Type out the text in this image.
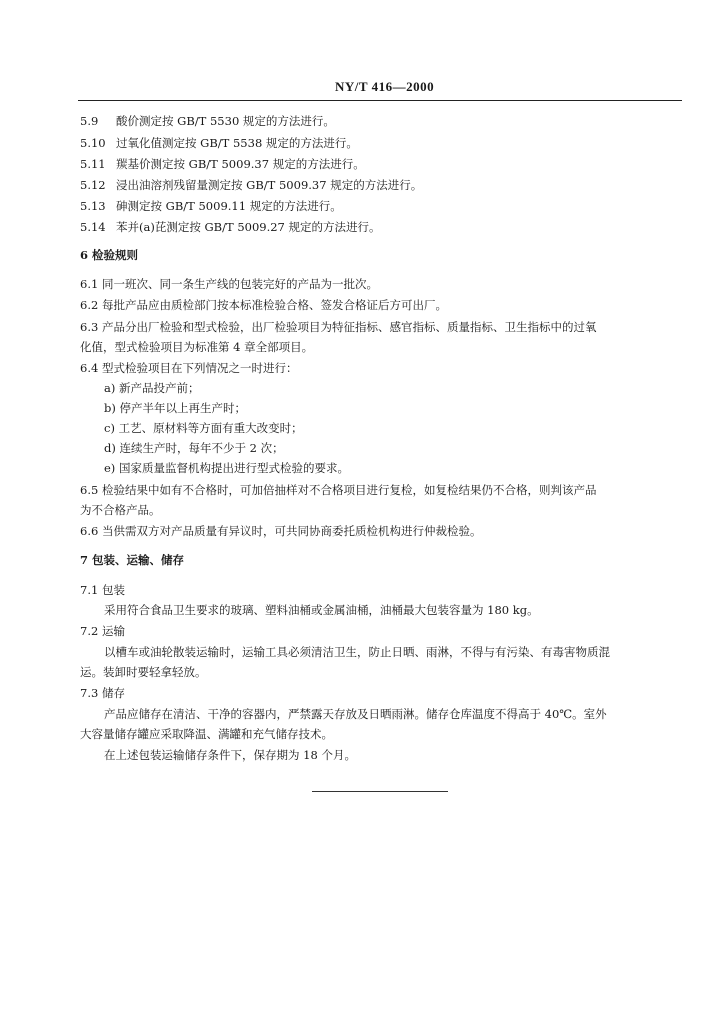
NY/T 416—2000
5.9 酸价测定按 GB/T 5530 规定的方法进行。
5.10 过氧化值测定按 GB/T 5538 规定的方法进行。
5.11 羰基价测定按 GB/T 5009.37 规定的方法进行。
5.12 浸出油溶剂残留量测定按 GB/T 5009.37 规定的方法进行。
5.13 砷测定按 GB/T 5009.11 规定的方法进行。
5.14 苯并(a)芘测定按 GB/T 5009.27 规定的方法进行。
6 检验规则
6.1 同一班次、同一条生产线的包装完好的产品为一批次。
6.2 每批产品应由质检部门按本标准检验合格、签发合格证后方可出厂。
6.3 产品分出厂检验和型式检验，出厂检验项目为特征指标、感官指标、质量指标、卫生指标中的过氧
化值，型式检验项目为标准第 4 章全部项目。
6.4 型式检验项目在下列情况之一时进行：
a) 新产品投产前；
b) 停产半年以上再生产时；
c) 工艺、原材料等方面有重大改变时；
d) 连续生产时，每年不少于 2 次；
e) 国家质量监督机构提出进行型式检验的要求。
6.5 检验结果中如有不合格时，可加倍抽样对不合格项目进行复检，如复检结果仍不合格，则判该产品
为不合格产品。
6.6 当供需双方对产品质量有异议时，可共同协商委托质检机构进行仲裁检验。
7 包装、运输、储存
7.1 包装
采用符合食品卫生要求的玻璃、塑料油桶或金属油桶，油桶最大包装容量为 180 kg。
7.2 运输
以槽车或油轮散装运输时，运输工具必须清洁卫生，防止日晒、雨淋，不得与有污染、有毒害物质混
运。装卸时要轻拿轻放。
7.3 储存
产品应储存在清洁、干净的容器内，严禁露天存放及日晒雨淋。储存仓库温度不得高于 40℃。室外
大容量储存罐应采取降温、满罐和充气储存技术。
在上述包装运输储存条件下，保存期为 18 个月。
